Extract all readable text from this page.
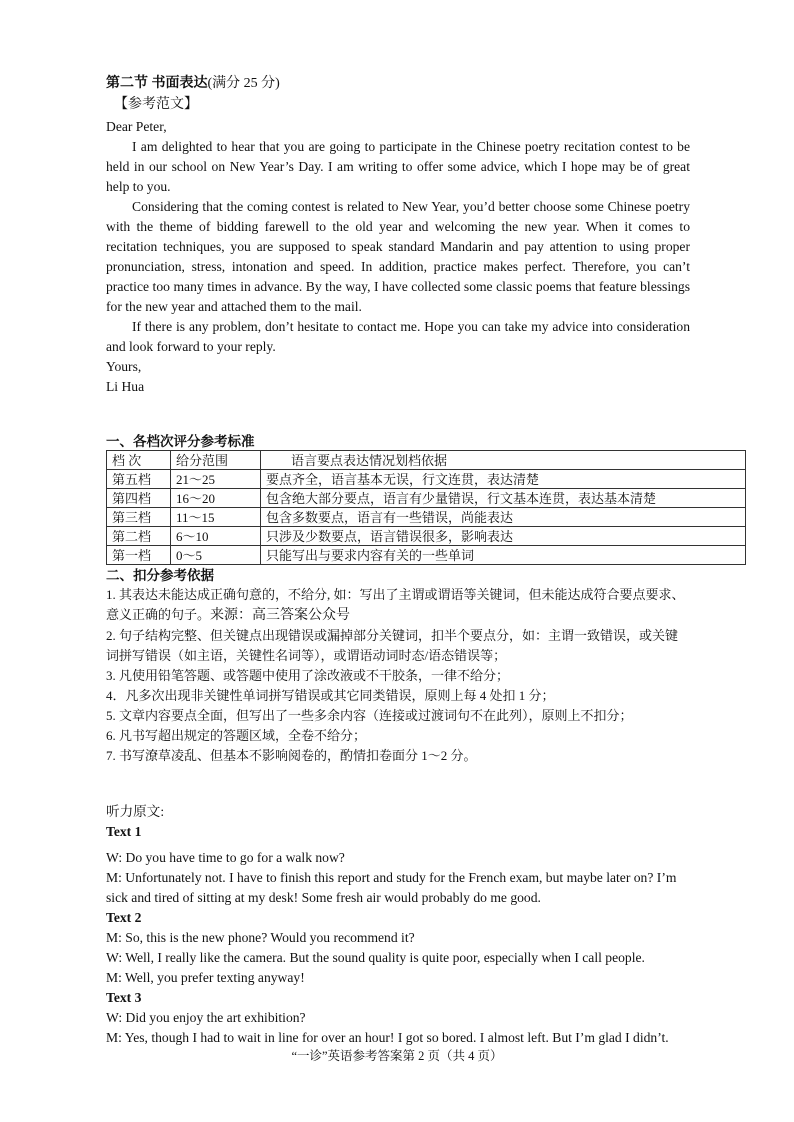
第二节 书面表达(满分 25 分)
【参考范文】

Dear Peter,

I am delighted to hear that you are going to participate in the Chinese poetry recitation contest to be held in our school on New Year’s Day. I am writing to offer some advice, which I hope may be of great help to you.

Considering that the coming contest is related to New Year, you’d better choose some Chinese poetry with the theme of bidding farewell to the old year and welcoming the new year. When it comes to recitation techniques, you are supposed to speak standard Mandarin and pay attention to using proper pronunciation, stress, intonation and speed. In addition, practice makes perfect. Therefore, you can’t practice too many times in advance. By the way, I have collected some classic poems that feature blessings for the new year and attached them to the mail.

If there is any problem, don’t hesitate to contact me. Hope you can take my advice into consideration and look forward to your reply.

Yours,

Li Hua

一、各档次评分参考标准
档 次	给分范围	语言要点表达情况划档依据
第五档	21～25	要点齐全，语言基本无误，行文连贯，表达清楚
第四档	16～20	包含绝大部分要点，语言有少量错误，行文基本连贯，表达基本清楚
第三档	11～15	包含多数要点，语言有一些错误，尚能表达
第二档	6～10	只涉及少数要点，语言错误很多，影响表达
第一档	0～5	只能写出与要求内容有关的一些单词
二、扣分参考依据

1. 其表达未能达成正确句意的，不给分, 如：写出了主谓或谓语等关键词，但未能达成符合要点要求、意义正确的句子。来源：高三答案公众号

2. 句子结构完整、但关键点出现错误或漏掉部分关键词，扣半个要点分，如：主谓一致错误，或关键词拼写错误（如主语，关键性名词等），或谓语动词时态/语态错误等；

3. 凡使用铅笔答题、或答题中使用了涂改液或不干胶条，一律不给分；

4．凡多次出现非关键性单词拼写错误或其它同类错误，原则上每 4 处扣 1 分；

5. 文章内容要点全面，但写出了一些多余内容（连接或过渡词句不在此列），原则上不扣分；

6. 凡书写超出规定的答题区域，全卷不给分；

7. 书写潦草凌乱、但基本不影响阅卷的，酌情扣卷面分 1～2 分。

听力原文:
Text 1

W: Do you have time to go for a walk now?

M: Unfortunately not. I have to finish this report and study for the French exam, but maybe later on? I’m sick and tired of sitting at my desk! Some fresh air would probably do me good.

Text 2

M: So, this is the new phone? Would you recommend it?

W: Well, I really like the camera. But the sound quality is quite poor, especially when I call people.

M: Well, you prefer texting anyway!

Text 3

W: Did you enjoy the art exhibition?

M: Yes, though I had to wait in line for over an hour! I got so bored. I almost left. But I’m glad I didn’t.

“一诊”英语参考答案第 2 页（共 4 页）
